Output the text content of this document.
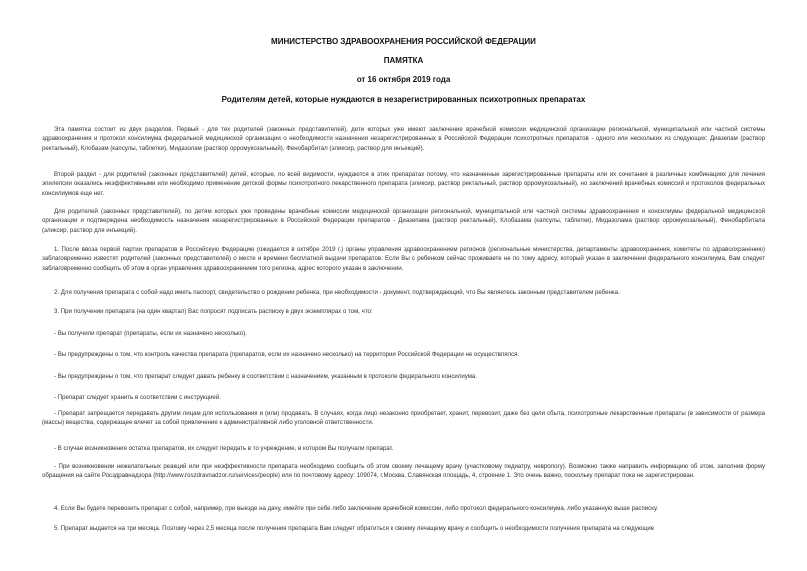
МИНИСТЕРСТВО ЗДРАВООХРАНЕНИЯ РОССИЙСКОЙ ФЕДЕРАЦИИ
ПАМЯТКА
от 16 октября 2019 года
Родителям детей, которые нуждаются в незарегистрированных психотропных препаратах

Эта памятка состоит из двух разделов. Первый - для тех родителей (законных представителей), дети которых уже имеют заключение врачебной комиссии медицинской организации региональной, муниципальной или частной системы здравоохранения и протокол консилиума федеральной медицинской организации о необходимости назначения незарегистрированных в Российской Федерации психотропных препаратов - одного или нескольких из следующих: Диазепам (раствор ректальный), Клобазам (капсулы, таблетки), Мидазолам (раствор орромукозальный), Фенобарбитал (эликсир, раствор для инъекций).

Второй раздел - для родителей (законных представителей) детей, которые, по всей видимости, нуждаются в этих препаратах потому, что назначенные зарегистрированные препараты или их сочетания в различных комбинациях для лечения эпилепсии оказались неэффективными или необходимо применение детской формы психотропного лекарственного препарата (эликсир, раствор ректальный, раствор орромукозальный), но заключений врачебных комиссий и протоколов федеральных консилиумов еще нет.

Для родителей (законных представителей), по детям которых уже проведены врачебные комиссии медицинской организации региональной, муниципальной или частной системы здравоохранения и консилиумы федеральной медицинской организации и подтверждена необходимость назначения незарегистрированных в Российской Федерации препаратов - Диазепама (раствор ректальный), Клобазама (капсулы, таблетки), Мидазолама (раствор орромукозальный), Фенобарбитала (эликсир, раствор для инъекций).

1. После ввоза первой партии препаратов в Российскую Федерацию (ожидается в октябре 2019 г.) органы управления здравоохранением регионов (региональные министерства, департаменты здравоохранения, комитеты по здравоохранению) заблаговременно известят родителей (законных представителей) о месте и времени бесплатной выдачи препаратов. Если Вы с ребенком сейчас проживаете не по тому адресу, который указан в заключении федерального консилиума, Вам следует заблаговременно сообщить об этом в орган управления здравоохранением того региона, адрес которого указан в заключении.

2. Для получения препарата с собой надо иметь паспорт, свидетельство о рождении ребенка, при необходимости - документ, подтверждающий, что Вы являетесь законным представителем ребенка.

3. При получении препарата (на один квартал) Вас попросят подписать расписку в двух экземплярах о том, что:

- Вы получили препарат (препараты, если их назначено несколько).

- Вы предупреждены о том, что контроль качества препарата (препаратов, если их назначено несколько) на территории Российской Федерации не осуществлялся.

- Вы предупреждены о том, что препарат следует давать ребенку в соответствии с назначением, указанным в протоколе федерального консилиума.

- Препарат следует хранить в соответствии с инструкцией.

- Препарат запрещается передавать другим лицам для использования и (или) продавать. В случаях, когда лицо незаконно приобретает, хранит, перевозит, даже без цели сбыта, психотропные лекарственные препараты (в зависимости от размера (массы) вещества, содержащее влечет за собой привлечение к административной либо уголовной ответственности.

- В случае возникновения остатка препаратов, их следует передать в то учреждение, в котором Вы получали препарат.

- При возникновении нежелательных реакций или при неэффективности препарата необходимо сообщить об этом своему лечащему врачу (участковому педиатру, неврологу). Возможно также направить информацию об этом, заполнив форму обращения на сайте Росздравнадзора (http://www.roszdravnadzor.ru/services/people) или по почтовому адресу: 109074, г.Москва, Славянская площадь, 4, строение 1. Это очень важно, поскольку препарат пока не зарегистрирован.

4. Если Вы будете перевозить препарат с собой, например, при выезде на дачу, имейте при себе либо заключение врачебной комиссии, либо протокол федерального консилиума, либо указанную выше расписку.

5. Препарат выдается на три месяца. Поэтому через 2,5 месяца после получения препарата Вам следует обратиться к своему лечащему врачу и сообщить о необходимости получения препарата на следующие
